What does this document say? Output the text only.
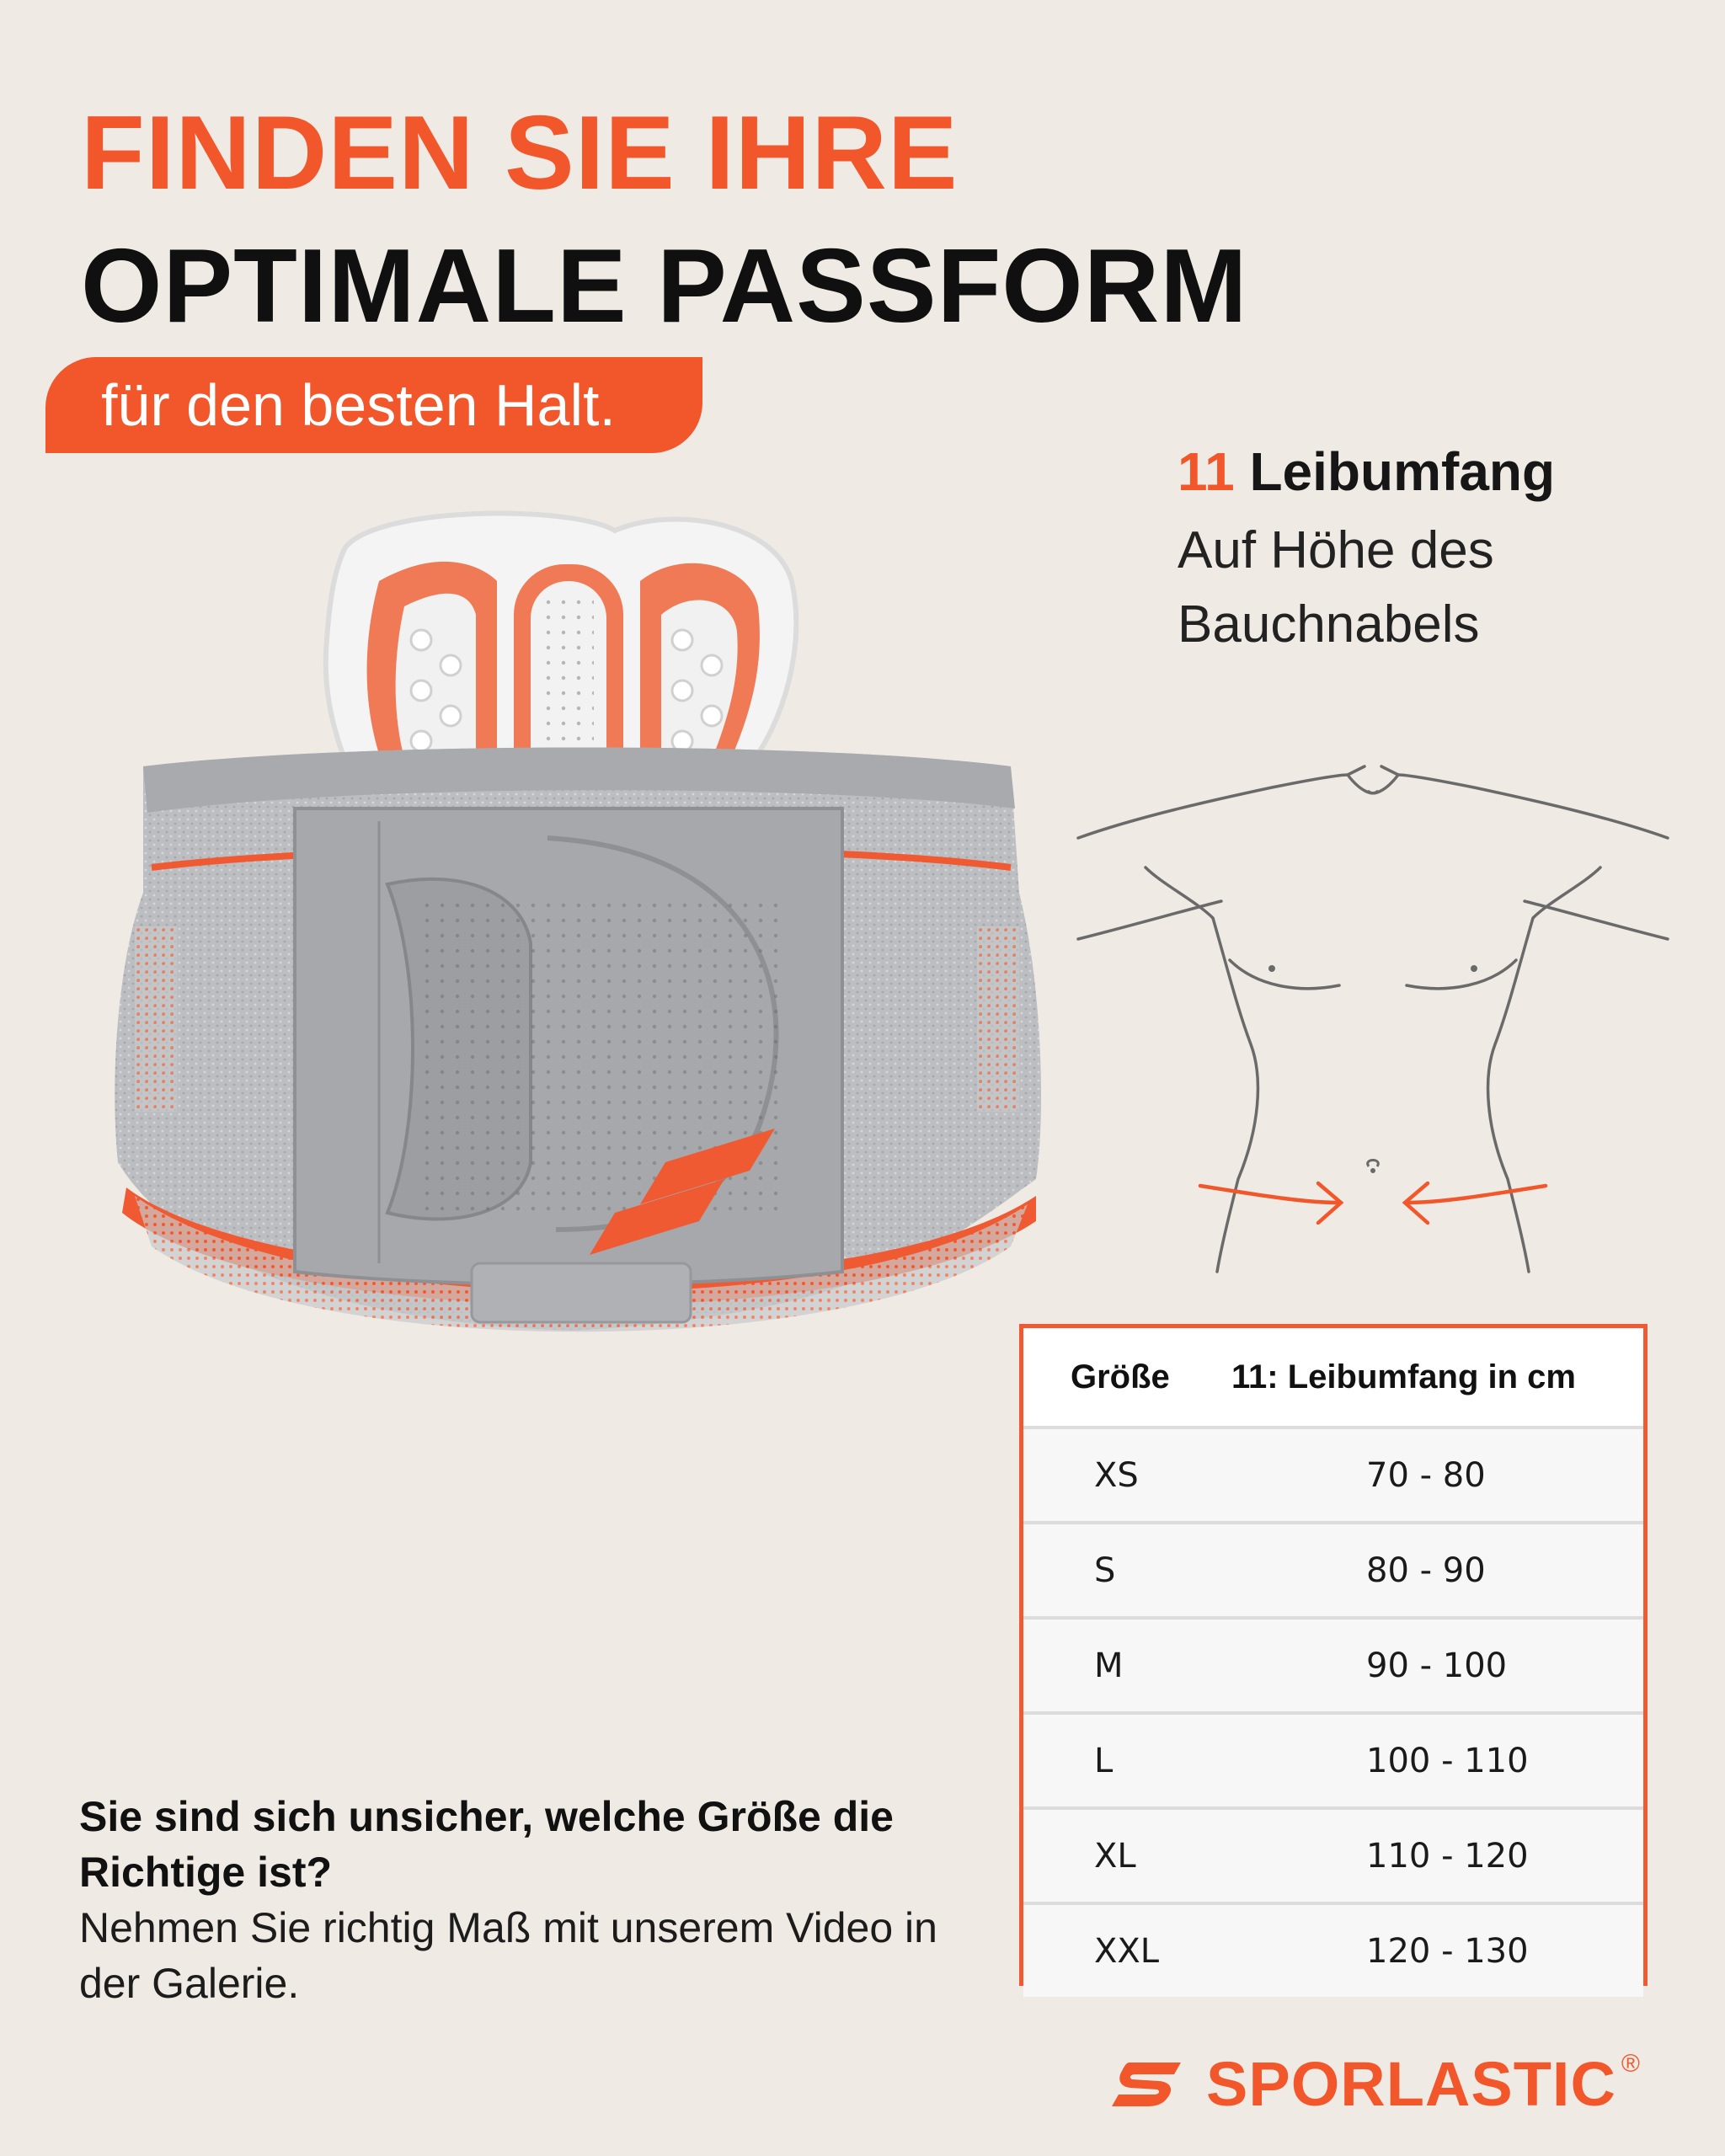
FINDEN SIE IHRE
OPTIMALE PASSFORM
für den besten Halt.
11 Leibumfang
Auf Höhe des Bauchnabels
Größe	11: Leibumfang in cm
XS	70 - 80
S	80 - 90
M	90 - 100
L	100 - 110
XL	110 - 120
XXL	120 - 130
Sie sind sich unsicher, welche Größe die Richtige ist?
Nehmen Sie richtig Maß mit unserem Video in der Galerie.
SPORLASTIC ®
